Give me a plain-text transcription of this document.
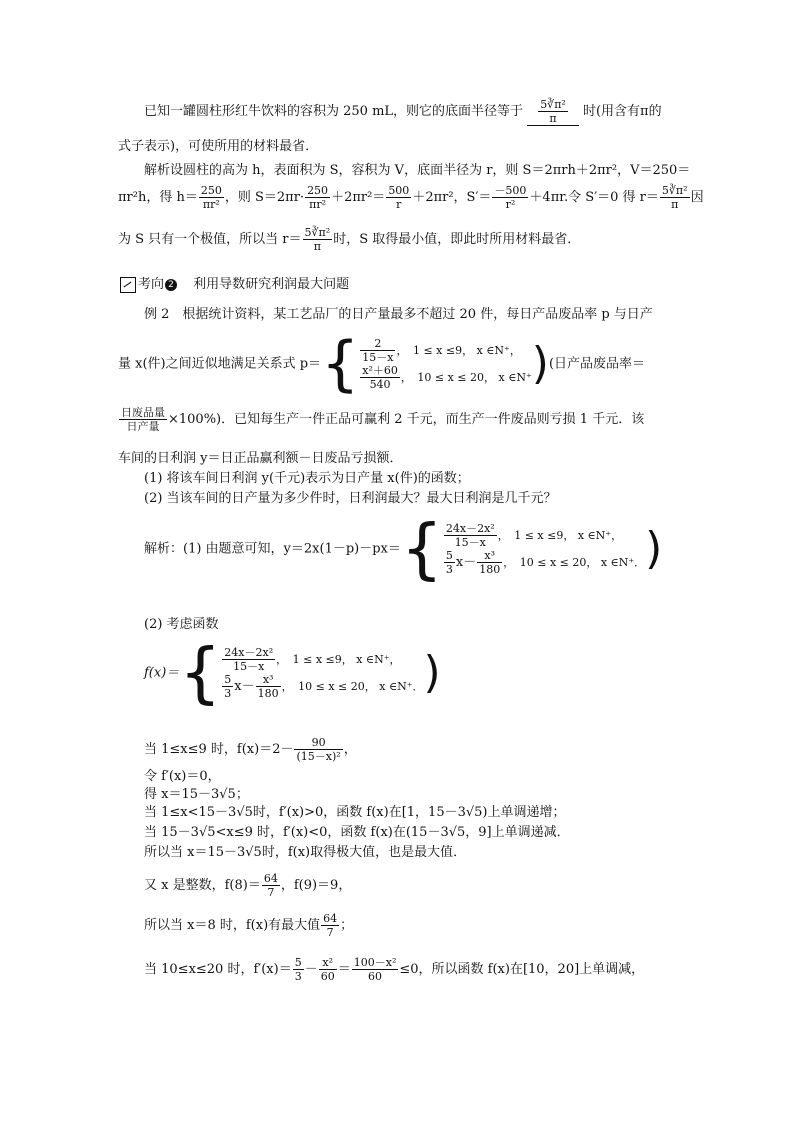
已知一罐圆柱形红牛饮料的容积为 250 mL，则它的底面半径等于 $\frac{\text{5∛π²}}{\pi}$ 时(用含有π的
式子表示)，可使所用的材料最省．
解析设圆柱的高为 h，表面积为 S，容积为 V，底面半径为 r，则 S＝2πrh＋2πr²，V＝250＝
πr²h，得 $h= \frac{250}{\text{πr²}}$ ，则 $S=2\pi r\cdot \frac{250}{\text{πr²}} +2\pi r^2= \frac{500}{r} +2\pi r^2$，$S'= \frac{-500}{\text{r²}} +4\pi r$.令 S′＝0 得 $r= \frac{\text{5∛π²}}{\pi}$ 因
为 S 只有一个极值，所以当 $r= \frac{\text{5∛π²}}{\pi}$ 时，S 取得最小值，即此时所用材料最省．
考向 2 利用导数研究利润最大问题
例 2　根据统计资料，某工艺品厂的日产量最多不超过 20 件，每日产品废品率 p 与日产
量 x(件)之间近似地满足关系式 $p=\{ \frac{2}{15-x}$ ，　1 ≤ x ≤9， x ∈N⁺，
$\frac{\text{x²＋60}}{540}$ ，　10 ≤ x ≤ 20， x ∈N⁺ )(日产品废品率＝
$\frac{\text{日废品量}}{\text{日产量}} \times 100\%$)．已知每生产一件正品可赢利 2 千元，而生产一件废品则亏损 1 千元．该
车间的日利润 y＝日正品赢利额－日废品亏损额．
(1) 将该车间日利润 y(千元)表示为日产量 x(件)的函数；
(2) 当该车间的日产量为多少件时，日利润最大？最大日利润是几千元？
解析：(1) 由题意可知，$y=2x(1-p)-px=\{ \frac{\text{24x－2x²}}{15-x}$ ，　1 ≤ x ≤9， x ∈N⁺，
$\frac{5}{3} x- \frac{\text{x³}}{180}$ ，　10 ≤ x ≤ 20， x ∈N⁺． )
(2) 考虑函数
$f(x)=\{ \frac{\text{24x－2x²}}{15-x}$ ，　1 ≤ x ≤9， x ∈N⁺，
$\frac{5}{3} x- \frac{\text{x³}}{180}$ ，　10 ≤ x ≤ 20， x ∈N⁺． )
当 1≤x≤9 时，$f(x)=2- \frac{90}{\text{(15－x)²}}$ ，
令 f′(x)＝0，
得 x＝15－3√5；
当 1≤x<15－3√5时，f′(x)>0，函数 f(x)在[1，15－3√5)上单调递增；
当 15－3√5<x≤9 时，f′(x)<0，函数 f(x)在(15－3√5，9]上单调递减．
所以当 x＝15－3√5时，f(x)取得极大值，也是最大值．
又 x 是整数，$f(8)= \frac{64}{7}$ ，f(9)＝9，
所以当 x＝8 时，f(x)有最大值 $\frac{64}{7}$ ；
当 10≤x≤20 时，$f'(x)= \frac{5}{3} - \frac{\text{x²}}{60} = \frac{\text{100－x²}}{60} \le 0$，所以函数 f(x)在[10，20]上单调减，
